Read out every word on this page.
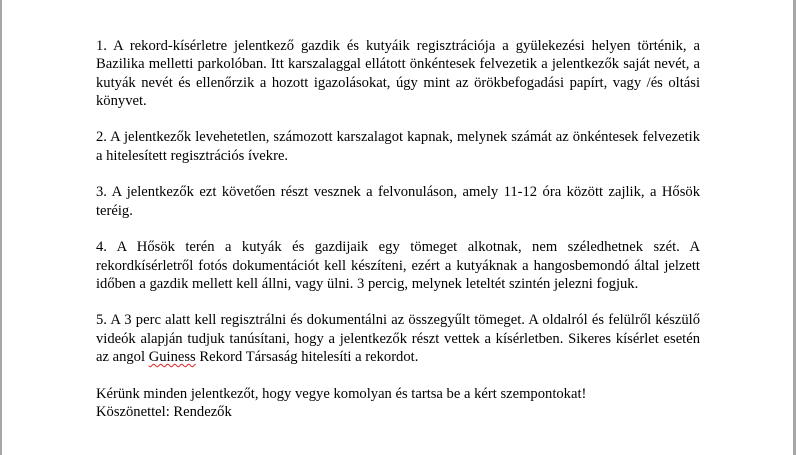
1. A rekord-kísérletre jelentkező gazdik és kutyáik regisztrációja a gyülekezési helyen történik, a Bazilika melletti parkolóban. Itt karszalaggal ellátott önkéntesek felvezetik a jelentkezők saját nevét, a kutyák nevét és ellenőrzik a hozott igazolásokat, úgy mint az örökbefogadási papírt, vagy /és oltási könyvet.

2. A jelentkezők levehetetlen, számozott karszalagot kapnak, melynek számát az önkéntesek felvezetik a hitelesített regisztrációs ívekre.

3. A jelentkezők ezt követően részt vesznek a felvonuláson, amely 11-12 óra között zajlik, a Hősök teréig.

4. A Hősök terén a kutyák és gazdijaik egy tömeget alkotnak, nem széledhetnek szét. A rekordkísérletről fotós dokumentációt kell készíteni, ezért a kutyáknak a hangosbemondó által jelzett időben a gazdik mellett kell állni, vagy ülni. 3 percig, melynek leteltét szintén jelezni fogjuk.

5. A 3 perc alatt kell regisztrálni és dokumentálni az összegyűlt tömeget. A oldalról és felülről készülő videók alapján tudjuk tanúsítani, hogy a jelentkezők részt vettek a kísérletben. Sikeres kísérlet esetén az angol Guiness Rekord Társaság hitelesíti a rekordot.

Kérünk minden jelentkezőt, hogy vegye komolyan és tartsa be a kért szempontokat!
Köszönettel: Rendezők
